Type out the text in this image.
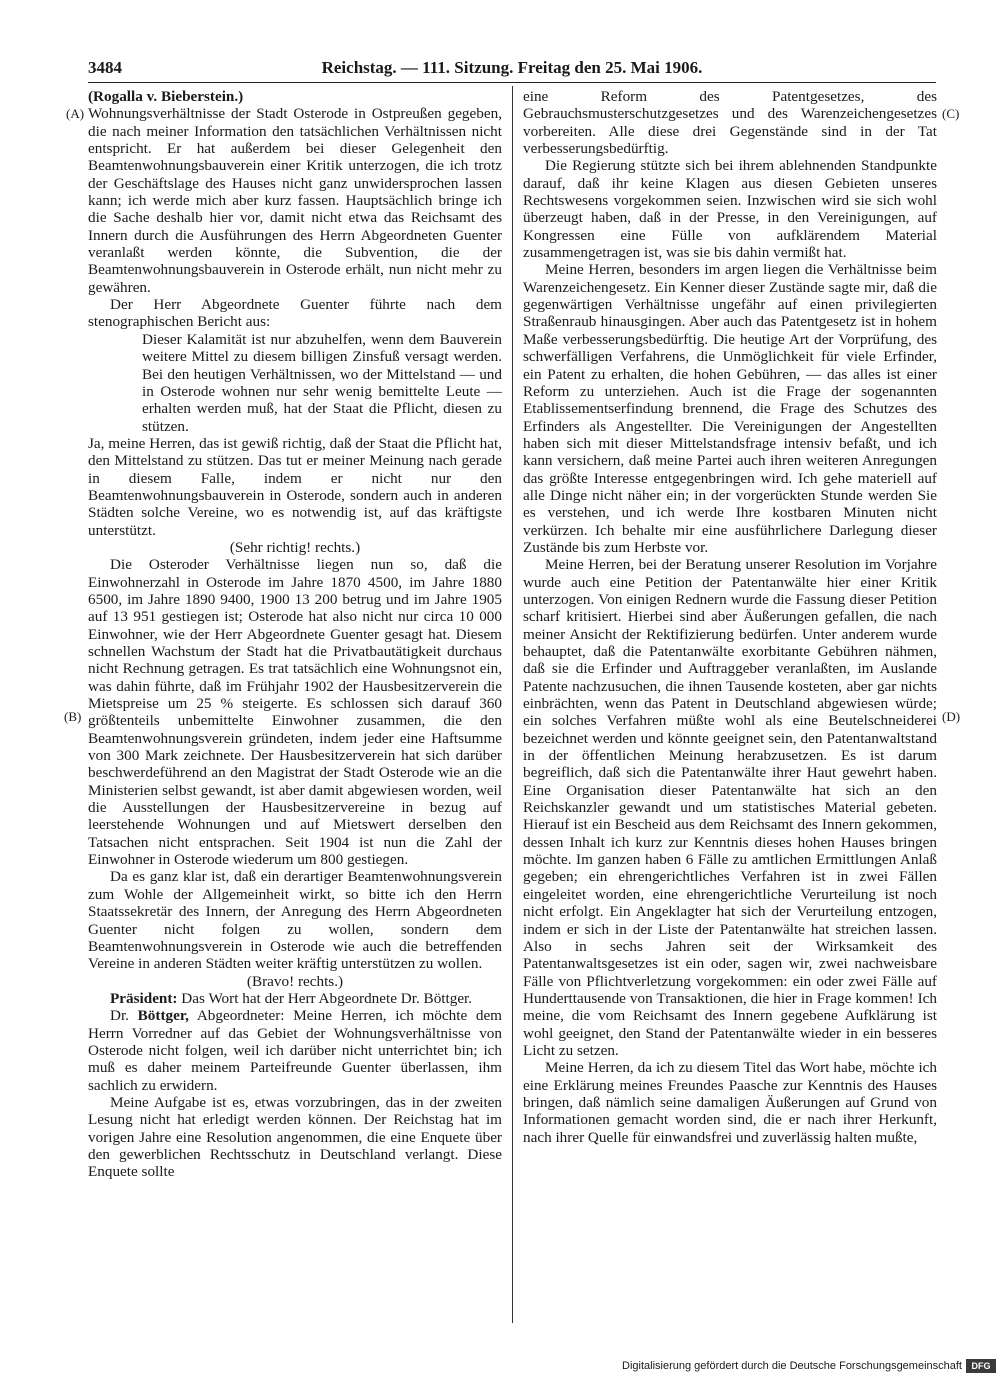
3484	Reichstag. — 111. Sitzung. Freitag den 25. Mai 1906.
(A)
(B)
(C)
(D)

(Rogalla v. Bieberstein.)

Wohnungsverhältnisse der Stadt Osterode in Ostpreußen gegeben, die nach meiner Information den tatsächlichen Verhältnissen nicht entspricht. Er hat außerdem bei dieser Gelegenheit den Beamtenwohnungsbauverein einer Kritik unterzogen, die ich trotz der Geschäftslage des Hauses nicht ganz unwidersprochen lassen kann; ich werde mich aber kurz fassen. Hauptsächlich bringe ich die Sache deshalb hier vor, damit nicht etwa das Reichsamt des Innern durch die Ausführungen des Herrn Abgeordneten Guenter veranlaßt werden könnte, die Subvention, die der Beamtenwohnungsbauverein in Osterode erhält, nun nicht mehr zu gewähren.

Der Herr Abgeordnete Guenter führte nach dem stenographischen Bericht aus:

Dieser Kalamität ist nur abzuhelfen, wenn dem Bauverein weitere Mittel zu diesem billigen Zinsfuß versagt werden. Bei den heutigen Verhältnissen, wo der Mittelstand — und in Osterode wohnen nur sehr wenig bemittelte Leute — erhalten werden muß, hat der Staat die Pflicht, diesen zu stützen.

Ja, meine Herren, das ist gewiß richtig, daß der Staat die Pflicht hat, den Mittelstand zu stützen. Das tut er meiner Meinung nach gerade in diesem Falle, indem er nicht nur den Beamtenwohnungsbauverein in Osterode, sondern auch in anderen Städten solche Vereine, wo es notwendig ist, auf das kräftigste unterstützt.

(Sehr richtig! rechts.)

Die Osteroder Verhältnisse liegen nun so, daß die Einwohnerzahl in Osterode im Jahre 1870 4500, im Jahre 1880 6500, im Jahre 1890 9400, 1900 13 200 betrug und im Jahre 1905 auf 13 951 gestiegen ist; Osterode hat also nicht nur circa 10 000 Einwohner, wie der Herr Abgeordnete Guenter gesagt hat. Diesem schnellen Wachstum der Stadt hat die Privatbautätigkeit durchaus nicht Rechnung getragen. Es trat tatsächlich eine Wohnungsnot ein, was dahin führte, daß im Frühjahr 1902 der Hausbesitzerverein die Mietspreise um 25 % steigerte. Es schlossen sich darauf 360 größtenteils unbemittelte Einwohner zusammen, die den Beamtenwohnungsverein gründeten, indem jeder eine Haftsumme von 300 Mark zeichnete. Der Hausbesitzerverein hat sich darüber beschwerdeführend an den Magistrat der Stadt Osterode wie an die Ministerien selbst gewandt, ist aber damit abgewiesen worden, weil die Ausstellungen der Hausbesitzervereine in bezug auf leerstehende Wohnungen und auf Mietswert derselben den Tatsachen nicht entsprachen. Seit 1904 ist nun die Zahl der Einwohner in Osterode wiederum um 800 gestiegen.

Da es ganz klar ist, daß ein derartiger Beamtenwohnungsverein zum Wohle der Allgemeinheit wirkt, so bitte ich den Herrn Staatssekretär des Innern, der Anregung des Herrn Abgeordneten Guenter nicht folgen zu wollen, sondern dem Beamtenwohnungsverein in Osterode wie auch die betreffenden Vereine in anderen Städten weiter kräftig unterstützen zu wollen.

(Bravo! rechts.)

Präsident: Das Wort hat der Herr Abgeordnete Dr. Böttger.

Dr. Böttger, Abgeordneter: Meine Herren, ich möchte dem Herrn Vorredner auf das Gebiet der Wohnungsverhältnisse von Osterode nicht folgen, weil ich darüber nicht unterrichtet bin; ich muß es daher meinem Parteifreunde Guenter überlassen, ihm sachlich zu erwidern.

Meine Aufgabe ist es, etwas vorzubringen, das in der zweiten Lesung nicht hat erledigt werden können. Der Reichstag hat im vorigen Jahre eine Resolution angenommen, die eine Enquete über den gewerblichen Rechtsschutz in Deutschland verlangt. Diese Enquete sollte

eine Reform des Patentgesetzes, des Gebrauchsmusterschutzgesetzes und des Warenzeichengesetzes vorbereiten. Alle diese drei Gegenstände sind in der Tat verbesserungsbedürftig.

Die Regierung stützte sich bei ihrem ablehnenden Standpunkte darauf, daß ihr keine Klagen aus diesen Gebieten unseres Rechtswesens vorgekommen seien. Inzwischen wird sie sich wohl überzeugt haben, daß in der Presse, in den Vereinigungen, auf Kongressen eine Fülle von aufklärendem Material zusammengetragen ist, was sie bis dahin vermißt hat.

Meine Herren, besonders im argen liegen die Verhältnisse beim Warenzeichengesetz. Ein Kenner dieser Zustände sagte mir, daß die gegenwärtigen Verhältnisse ungefähr auf einen privilegierten Straßenraub hinausgingen. Aber auch das Patentgesetz ist in hohem Maße verbesserungsbedürftig. Die heutige Art der Vorprüfung, des schwerfälligen Verfahrens, die Unmöglichkeit für viele Erfinder, ein Patent zu erhalten, die hohen Gebühren, — das alles ist einer Reform zu unterziehen. Auch ist die Frage der sogenannten Etablissementserfindung brennend, die Frage des Schutzes des Erfinders als Angestellter. Die Vereinigungen der Angestellten haben sich mit dieser Mittelstandsfrage intensiv befaßt, und ich kann versichern, daß meine Partei auch ihren weiteren Anregungen das größte Interesse entgegenbringen wird. Ich gehe materiell auf alle Dinge nicht näher ein; in der vorgerückten Stunde werden Sie es verstehen, und ich werde Ihre kostbaren Minuten nicht verkürzen. Ich behalte mir eine ausführlichere Darlegung dieser Zustände bis zum Herbste vor.

Meine Herren, bei der Beratung unserer Resolution im Vorjahre wurde auch eine Petition der Patentanwälte hier einer Kritik unterzogen. Von einigen Rednern wurde die Fassung dieser Petition scharf kritisiert. Hierbei sind aber Äußerungen gefallen, die nach meiner Ansicht der Rektifizierung bedürfen. Unter anderem wurde behauptet, daß die Patentanwälte exorbitante Gebühren nähmen, daß sie die Erfinder und Auftraggeber veranlaßten, im Auslande Patente nachzusuchen, die ihnen Tausende kosteten, aber gar nichts einbrächten, wenn das Patent in Deutschland abgewiesen würde; ein solches Verfahren müßte wohl als eine Beutelschneiderei bezeichnet werden und könnte geeignet sein, den Patentanwaltstand in der öffentlichen Meinung herabzusetzen. Es ist darum begreiflich, daß sich die Patentanwälte ihrer Haut gewehrt haben. Eine Organisation dieser Patentanwälte hat sich an den Reichskanzler gewandt und um statistisches Material gebeten. Hierauf ist ein Bescheid aus dem Reichsamt des Innern gekommen, dessen Inhalt ich kurz zur Kenntnis dieses hohen Hauses bringen möchte. Im ganzen haben 6 Fälle zu amtlichen Ermittlungen Anlaß gegeben; ein ehrengerichtliches Verfahren ist in zwei Fällen eingeleitet worden, eine ehrengerichtliche Verurteilung ist noch nicht erfolgt. Ein Angeklagter hat sich der Verurteilung entzogen, indem er sich in der Liste der Patentanwälte hat streichen lassen. Also in sechs Jahren seit der Wirksamkeit des Patentanwaltsgesetzes ist ein oder, sagen wir, zwei nachweisbare Fälle von Pflichtverletzung vorgekommen: ein oder zwei Fälle auf Hunderttausende von Transaktionen, die hier in Frage kommen! Ich meine, die vom Reichsamt des Innern gegebene Aufklärung ist wohl geeignet, den Stand der Patentanwälte wieder in ein besseres Licht zu setzen.

Meine Herren, da ich zu diesem Titel das Wort habe, möchte ich eine Erklärung meines Freundes Paasche zur Kenntnis des Hauses bringen, daß nämlich seine damaligen Äußerungen auf Grund von Informationen gemacht worden sind, die er nach ihrer Herkunft, nach ihrer Quelle für einwandsfrei und zuverlässig halten mußte,

Digitalisierung gefördert durch die Deutsche Forschungsgemeinschaft	DFG
